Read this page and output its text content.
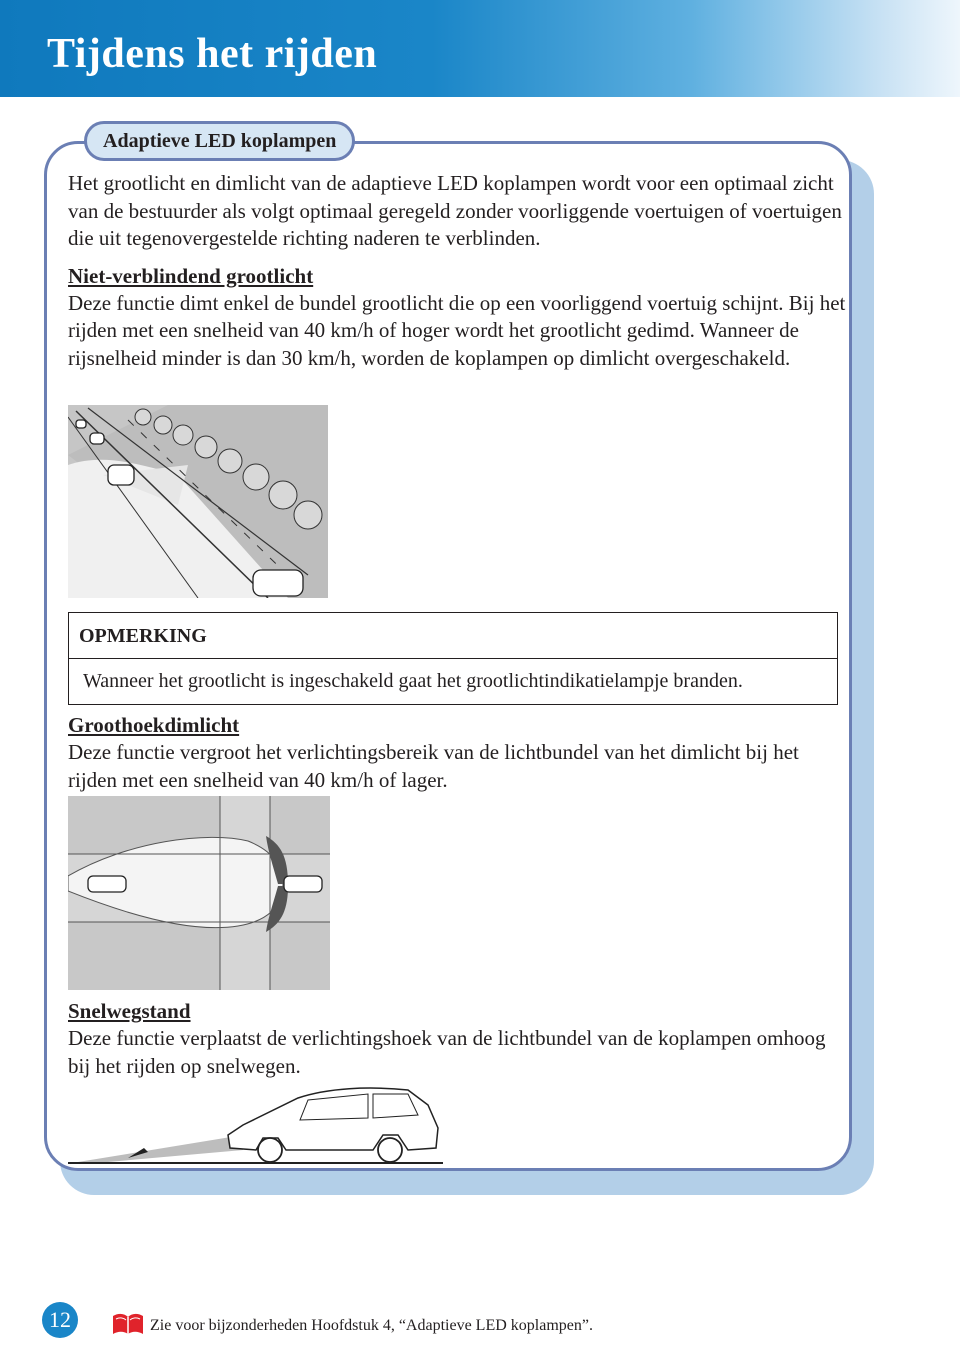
Tijdens het rijden
Adaptieve LED koplampen

Het grootlicht en dimlicht van de adaptieve LED koplampen wordt voor een optimaal zicht van de bestuurder als volgt optimaal geregeld zonder voorliggende voertuigen of voertuigen die uit tegenovergestelde richting naderen te verblinden.

Niet-verblindend grootlicht

Deze functie dimt enkel de bundel grootlicht die op een voorliggend voertuig schijnt. Bij het rijden met een snelheid van 40 km/h of hoger wordt het grootlicht gedimd. Wanneer de rijsnelheid minder is dan 30 km/h, worden de koplampen op dimlicht overgeschakeld.

OPMERKING
Wanneer het grootlicht is ingeschakeld gaat het grootlichtindikatielampje branden.
Groothoekdimlicht

Deze functie vergroot het verlichtingsbereik van de lichtbundel van het dimlicht bij het rijden met een snelheid van 40 km/h of lager.

Snelwegstand

Deze functie verplaatst de verlichtingshoek van de lichtbundel van de koplampen omhoog bij het rijden op snelwegen.

12	Zie voor bijzonderheden Hoofdstuk 4, “Adaptieve LED koplampen”.
